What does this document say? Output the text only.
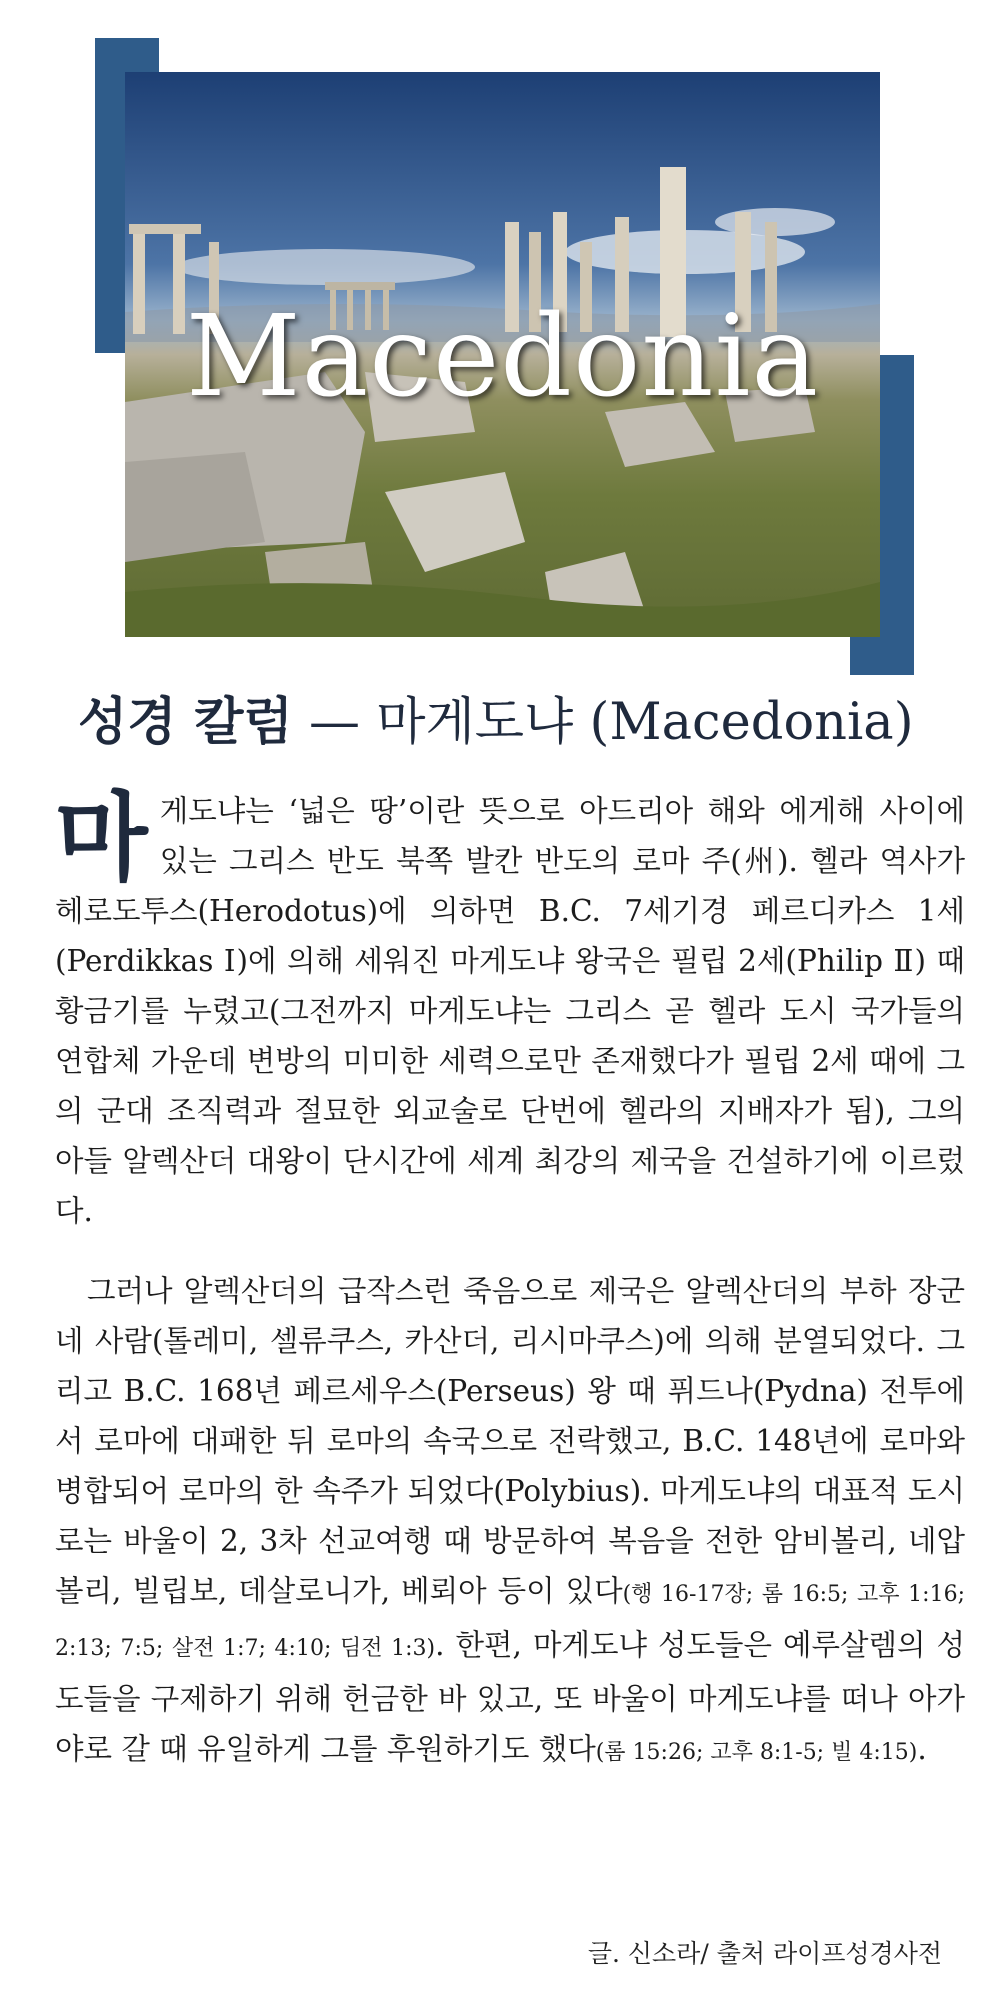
Macedonia
성경 칼럼 — 마게도냐 (Macedonia)

마게도냐는 ‘넓은 땅’이란 뜻으로 아드리아 해와 에게해 사이에 있는 그리스 반도 북쪽 발칸 반도의 로마 주(州). 헬라 역사가 헤로도투스(Herodotus)에 의하면 B.C. 7세기경 페르디카스 1세(Perdikkas Ⅰ)에 의해 세워진 마게도냐 왕국은 필립 2세(Philip Ⅱ) 때 황금기를 누렸고(그전까지 마게도냐는 그리스 곧 헬라 도시 국가들의 연합체 가운데 변방의 미미한 세력으로만 존재했다가 필립 2세 때에 그의 군대 조직력과 절묘한 외교술로 단번에 헬라의 지배자가 됨), 그의 아들 알렉산더 대왕이 단시간에 세계 최강의 제국을 건설하기에 이르렀다.

그러나 알렉산더의 급작스런 죽음으로 제국은 알렉산더의 부하 장군 네 사람(톨레미, 셀류쿠스, 카산더, 리시마쿠스)에 의해 분열되었다. 그리고 B.C. 168년 페르세우스(Perseus) 왕 때 퓌드나(Pydna) 전투에서 로마에 대패한 뒤 로마의 속국으로 전락했고, B.C. 148년에 로마와 병합되어 로마의 한 속주가 되었다(Polybius). 마게도냐의 대표적 도시로는 바울이 2, 3차 선교여행 때 방문하여 복음을 전한 암비볼리, 네압볼리, 빌립보, 데살로니가, 베뢰아 등이 있다(행 16-17장; 롬 16:5; 고후 1:16; 2:13; 7:5; 살전 1:7; 4:10; 딤전 1:3). 한편, 마게도냐 성도들은 예루살렘의 성도들을 구제하기 위해 헌금한 바 있고, 또 바울이 마게도냐를 떠나 아가야로 갈 때 유일하게 그를 후원하기도 했다(롬 15:26; 고후 8:1-5; 빌 4:15).

글. 신소라/ 출처 라이프성경사전
